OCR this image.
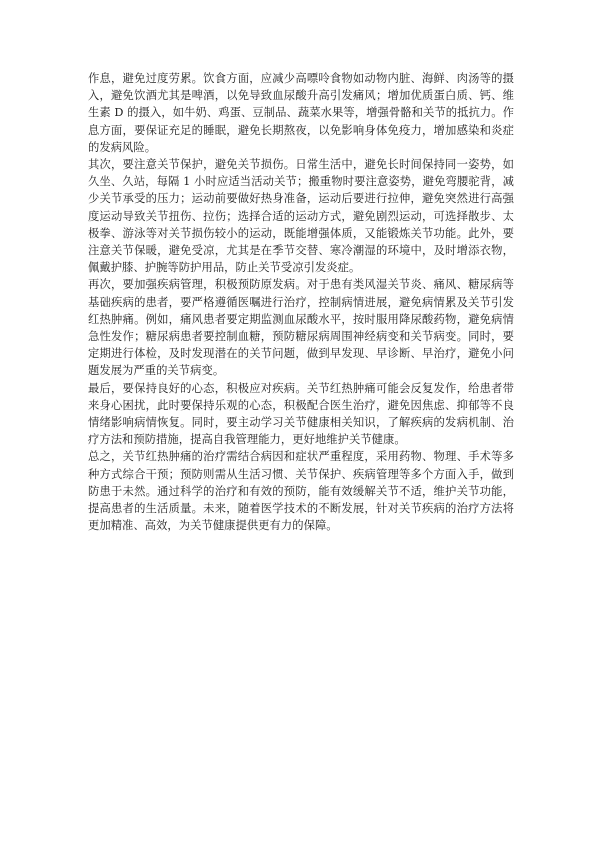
作息，避免过度劳累。饮食方面，应减少高嘌呤食物如动物内脏、海鲜、肉汤等的摄入，避免饮酒尤其是啤酒，以免导致血尿酸升高引发痛风；增加优质蛋白质、钙、维生素 D 的摄入，如牛奶、鸡蛋、豆制品、蔬菜水果等，增强骨骼和关节的抵抗力。作息方面，要保证充足的睡眠，避免长期熬夜，以免影响身体免疫力，增加感染和炎症的发病风险。

其次，要注意关节保护，避免关节损伤。日常生活中，避免长时间保持同一姿势，如久坐、久站，每隔 1 小时应适当活动关节；搬重物时要注意姿势，避免弯腰驼背，减少关节承受的压力；运动前要做好热身准备，运动后要进行拉伸，避免突然进行高强度运动导致关节扭伤、拉伤；选择合适的运动方式，避免剧烈运动，可选择散步、太极拳、游泳等对关节损伤较小的运动，既能增强体质，又能锻炼关节功能。此外，要注意关节保暖，避免受凉，尤其是在季节交替、寒冷潮湿的环境中，及时增添衣物，佩戴护膝、护腕等防护用品，防止关节受凉引发炎症。

再次，要加强疾病管理，积极预防原发病。对于患有类风湿关节炎、痛风、糖尿病等基础疾病的患者，要严格遵循医嘱进行治疗，控制病情进展，避免病情累及关节引发红热肿痛。例如，痛风患者要定期监测血尿酸水平，按时服用降尿酸药物，避免病情急性发作；糖尿病患者要控制血糖，预防糖尿病周围神经病变和关节病变。同时，要定期进行体检，及时发现潜在的关节问题，做到早发现、早诊断、早治疗，避免小问题发展为严重的关节病变。

最后，要保持良好的心态，积极应对疾病。关节红热肿痛可能会反复发作，给患者带来身心困扰，此时要保持乐观的心态，积极配合医生治疗，避免因焦虑、抑郁等不良情绪影响病情恢复。同时，要主动学习关节健康相关知识，了解疾病的发病机制、治疗方法和预防措施，提高自我管理能力，更好地维护关节健康。

总之，关节红热肿痛的治疗需结合病因和症状严重程度，采用药物、物理、手术等多种方式综合干预；预防则需从生活习惯、关节保护、疾病管理等多个方面入手，做到防患于未然。通过科学的治疗和有效的预防，能有效缓解关节不适，维护关节功能，提高患者的生活质量。未来，随着医学技术的不断发展，针对关节疾病的治疗方法将更加精准、高效，为关节健康提供更有力的保障。
